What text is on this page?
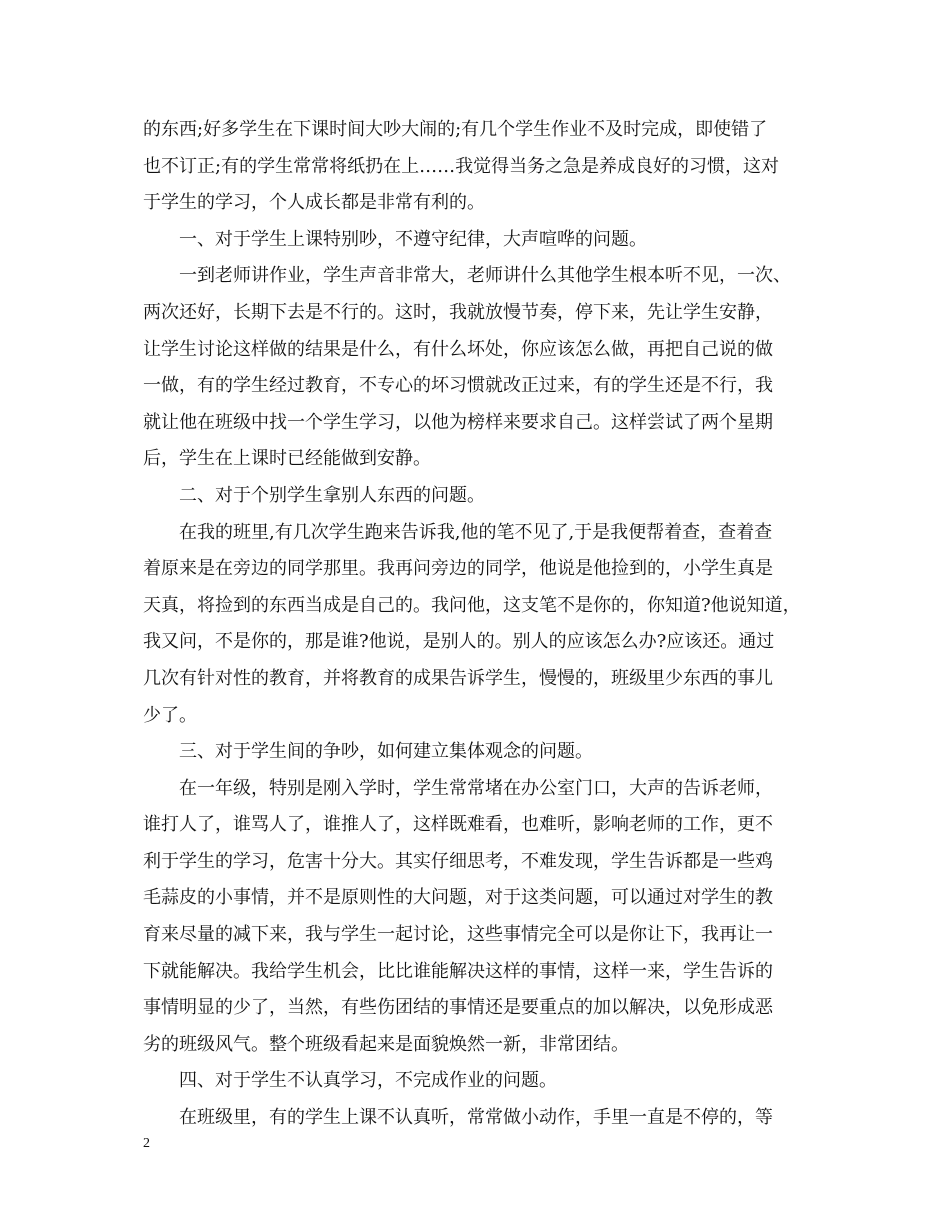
的东西;好多学生在下课时间大吵大闹的;有几个学生作业不及时完成，即使错了
也不订正;有的学生常常将纸扔在上……我觉得当务之急是养成良好的习惯，这对
于学生的学习，个人成长都是非常有利的。
一、对于学生上课特别吵，不遵守纪律，大声喧哗的问题。
一到老师讲作业，学生声音非常大，老师讲什么其他学生根本听不见，一次、
两次还好，长期下去是不行的。这时，我就放慢节奏，停下来，先让学生安静，
让学生讨论这样做的结果是什么，有什么坏处，你应该怎么做，再把自己说的做
一做，有的学生经过教育，不专心的坏习惯就改正过来，有的学生还是不行，我
就让他在班级中找一个学生学习，以他为榜样来要求自己。这样尝试了两个星期
后，学生在上课时已经能做到安静。
二、对于个别学生拿别人东西的问题。
在我的班里,有几次学生跑来告诉我,他的笔不见了,于是我便帮着查，查着查
着原来是在旁边的同学那里。我再问旁边的同学，他说是他捡到的，小学生真是
天真，将捡到的东西当成是自己的。我问他，这支笔不是你的，你知道?他说知道，
我又问，不是你的，那是谁?他说，是别人的。别人的应该怎么办?应该还。通过
几次有针对性的教育，并将教育的成果告诉学生，慢慢的，班级里少东西的事儿
少了。
三、对于学生间的争吵，如何建立集体观念的问题。
在一年级，特别是刚入学时，学生常常堵在办公室门口，大声的告诉老师，
谁打人了，谁骂人了，谁推人了，这样既难看，也难听，影响老师的工作，更不
利于学生的学习，危害十分大。其实仔细思考，不难发现，学生告诉都是一些鸡
毛蒜皮的小事情，并不是原则性的大问题，对于这类问题，可以通过对学生的教
育来尽量的减下来，我与学生一起讨论，这些事情完全可以是你让下，我再让一
下就能解决。我给学生机会，比比谁能解决这样的事情，这样一来，学生告诉的
事情明显的少了，当然，有些伤团结的事情还是要重点的加以解决，以免形成恶
劣的班级风气。整个班级看起来是面貌焕然一新，非常团结。
四、对于学生不认真学习，不完成作业的问题。
在班级里，有的学生上课不认真听，常常做小动作，手里一直是不停的，等
2
